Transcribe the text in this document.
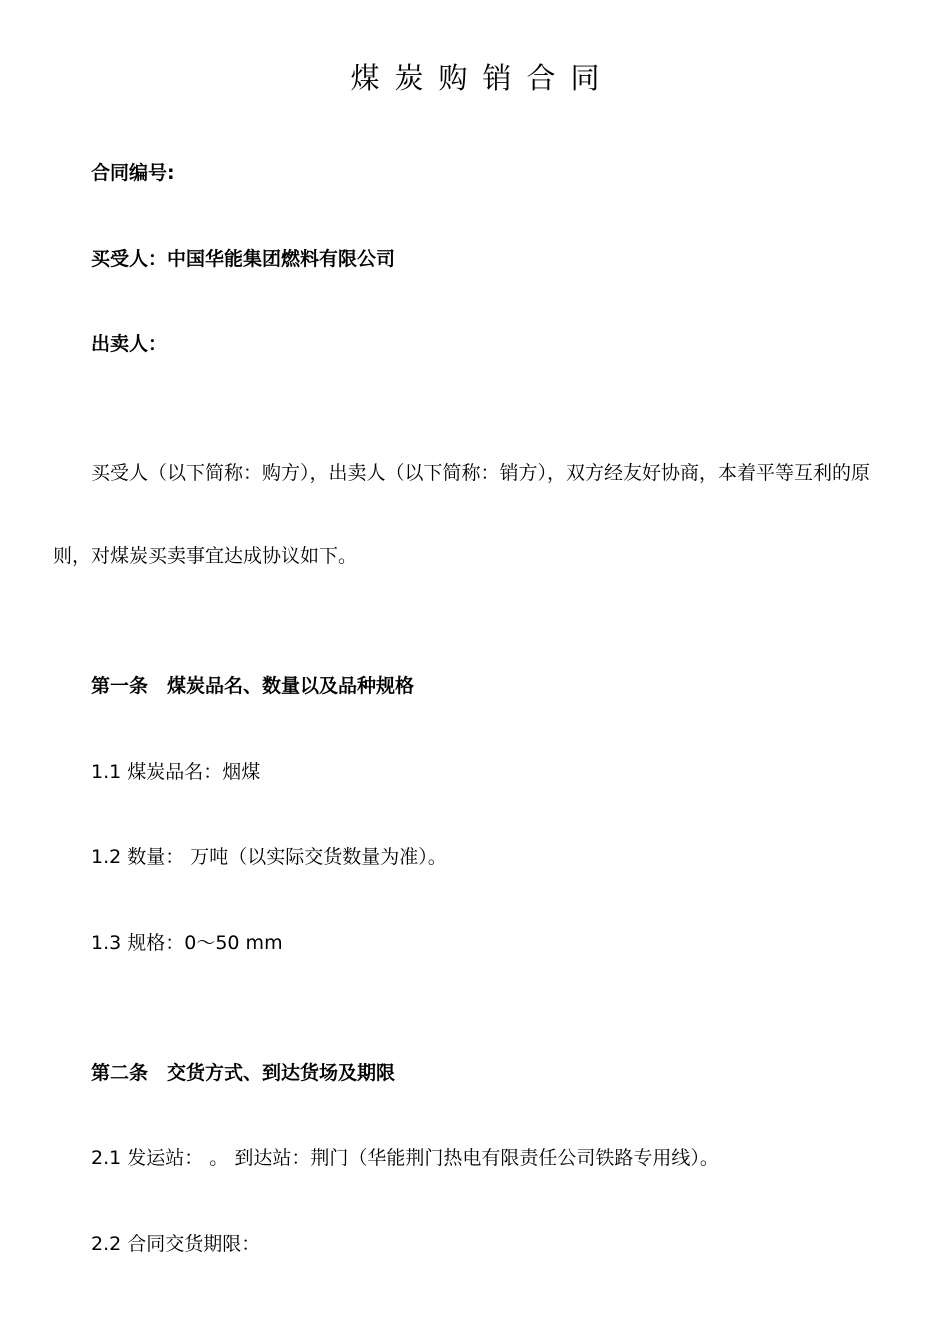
煤炭购销合同
合同编号:
买受人：中国华能集团燃料有限公司
出卖人：
买受人（以下简称：购方），出卖人（以下简称：销方），双方经友好协商，本着平等互利的原
则，对煤炭买卖事宜达成协议如下。
第一条　煤炭品名、数量以及品种规格
1.1 煤炭品名：烟煤
1.2 数量： 万吨（以实际交货数量为准）。
1.3 规格：0～50 mm
第二条　交货方式、到达货场及期限
2.1 发运站： 。 到达站：荆门（华能荆门热电有限责任公司铁路专用线）。
2.2 合同交货期限：
